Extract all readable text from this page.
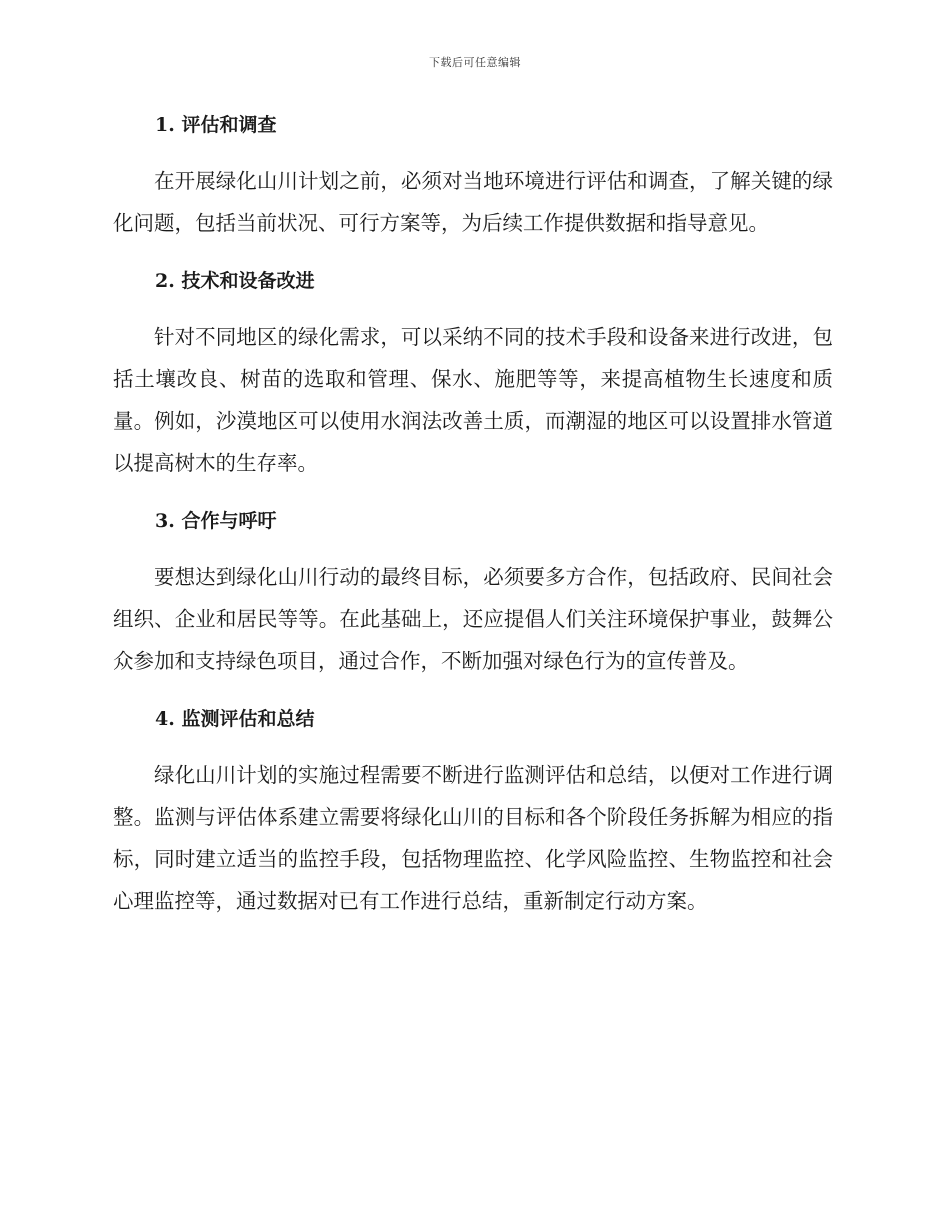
下载后可任意编辑
1. 评估和调查

在开展绿化山川计划之前，必须对当地环境进行评估和调查，了解关键的绿化问题，包括当前状况、可行方案等，为后续工作提供数据和指导意见。

2. 技术和设备改进

针对不同地区的绿化需求，可以采纳不同的技术手段和设备来进行改进，包括土壤改良、树苗的选取和管理、保水、施肥等等，来提高植物生长速度和质量。例如，沙漠地区可以使用水润法改善土质，而潮湿的地区可以设置排水管道以提高树木的生存率。

3. 合作与呼吁

要想达到绿化山川行动的最终目标，必须要多方合作，包括政府、民间社会组织、企业和居民等等。在此基础上，还应提倡人们关注环境保护事业，鼓舞公众参加和支持绿色项目，通过合作，不断加强对绿色行为的宣传普及。

4. 监测评估和总结

绿化山川计划的实施过程需要不断进行监测评估和总结，以便对工作进行调整。监测与评估体系建立需要将绿化山川的目标和各个阶段任务拆解为相应的指标，同时建立适当的监控手段，包括物理监控、化学风险监控、生物监控和社会心理监控等，通过数据对已有工作进行总结，重新制定行动方案。
